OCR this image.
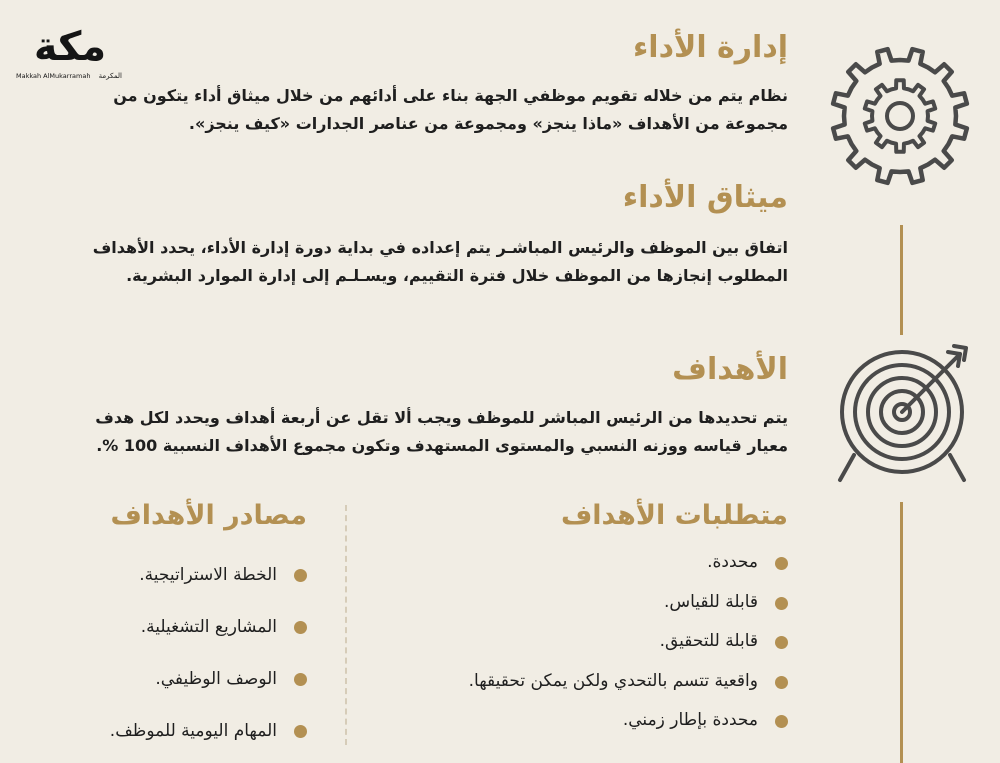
مكة
Makkah AlMukarramah المكرمة
إدارة الأداء

نظام يتم من خلاله تقويم موظفي الجهة بناء على أدائهم من خلال ميثاق أداء يتكون من مجموعة من الأهداف «ماذا ينجز» ومجموعة من عناصر الجدارات «كيف ينجز».

ميثاق الأداء

اتفاق بين الموظف والرئيس المباشـر يتم إعداده في بداية دورة إدارة الأداء، يحدد الأهداف المطلوب إنجازها من الموظف خلال فترة التقييم، ويسـلـم إلى إدارة الموارد البشرية.

الأهداف

يتم تحديدها من الرئيس المباشر للموظف ويجب ألا تقل عن أربعة أهداف ويحدد لكل هدف معيار قياسه ووزنه النسبي والمستوى المستهدف وتكون مجموع الأهداف النسبية 100 %.

متطلبات الأهداف
محددة.
قابلة للقياس.
قابلة للتحقيق.
واقعية تتسم بالتحدي ولكن يمكن تحقيقها.
محددة بإطار زمني.
مصادر الأهداف
الخطة الاستراتيجية.
المشاريع التشغيلية.
الوصف الوظيفي.
المهام اليومية للموظف.
